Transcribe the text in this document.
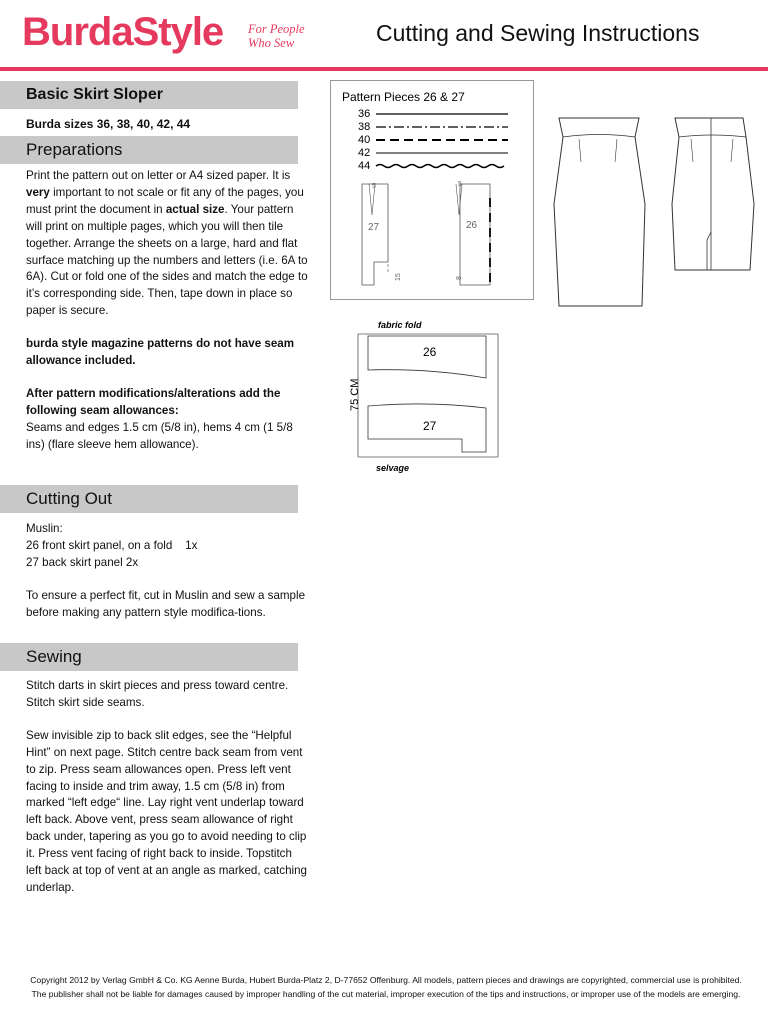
BurdaStyle For People
Who Sew	Cutting and Sewing Instructions
Basic Skirt Sloper
Burda sizes 36, 38, 40, 42, 44
Preparations

Print the pattern out on letter or A4 sized paper. It is very important to not scale or fit any of the pages, you must print the document in actual size. Your pattern will print on multiple pages, which you will then tile together. Arrange the sheets on a large, hard and flat surface matching up the numbers and letters (i.e. 6A to 6A). Cut or fold one of the sides and match the edge to it’s corresponding side. Then, tape down in place so paper is secure.

burda style magazine patterns do not have seam allowance included.

After pattern modifications/alterations add the following seam allowances:
Seams and edges 1.5 cm (5/8 in), hems 4 cm (1 5/8 ins) (flare sleeve hem allowance).

Cutting Out

Muslin:
26 front skirt panel, on a fold    1x
27 back skirt panel 2x

To ensure a perfect fit, cut in Muslin and sew a sample before making any pattern style modifica-tions.

Sewing

Stitch darts in skirt pieces and press toward centre. Stitch skirt side seams.

Sew invisible zip to back slit edges, see the “Helpful Hint” on next page. Stitch centre back seam from vent to zip. Press seam allowances open. Press left vent facing to inside and trim away, 1.5 cm (5/8 in) from marked “left edge“ line. Lay right vent underlap toward left back. Above vent, press seam allowance of right back under, tapering as you go to avoid needing to clip it. Press vent facing of right back to inside. Topstitch left back at top of vent at an angle as marked, catching underlap.

Pattern Pieces 26 & 27
36
38
40
42
44
27
5
15
26
5
8
fabric fold
selvage
75 CM
26
27
Copyright 2012 by Verlag GmbH & Co. KG Aenne Burda, Hubert Burda-Platz 2, D-77652 Offenburg. All models, pattern pieces and drawings are copyrighted, commercial use is prohibited. The publisher shall not be liable for damages caused by improper handling of the cut material, improper execution of the tips and instructions, or improper use of the models are emerging.
